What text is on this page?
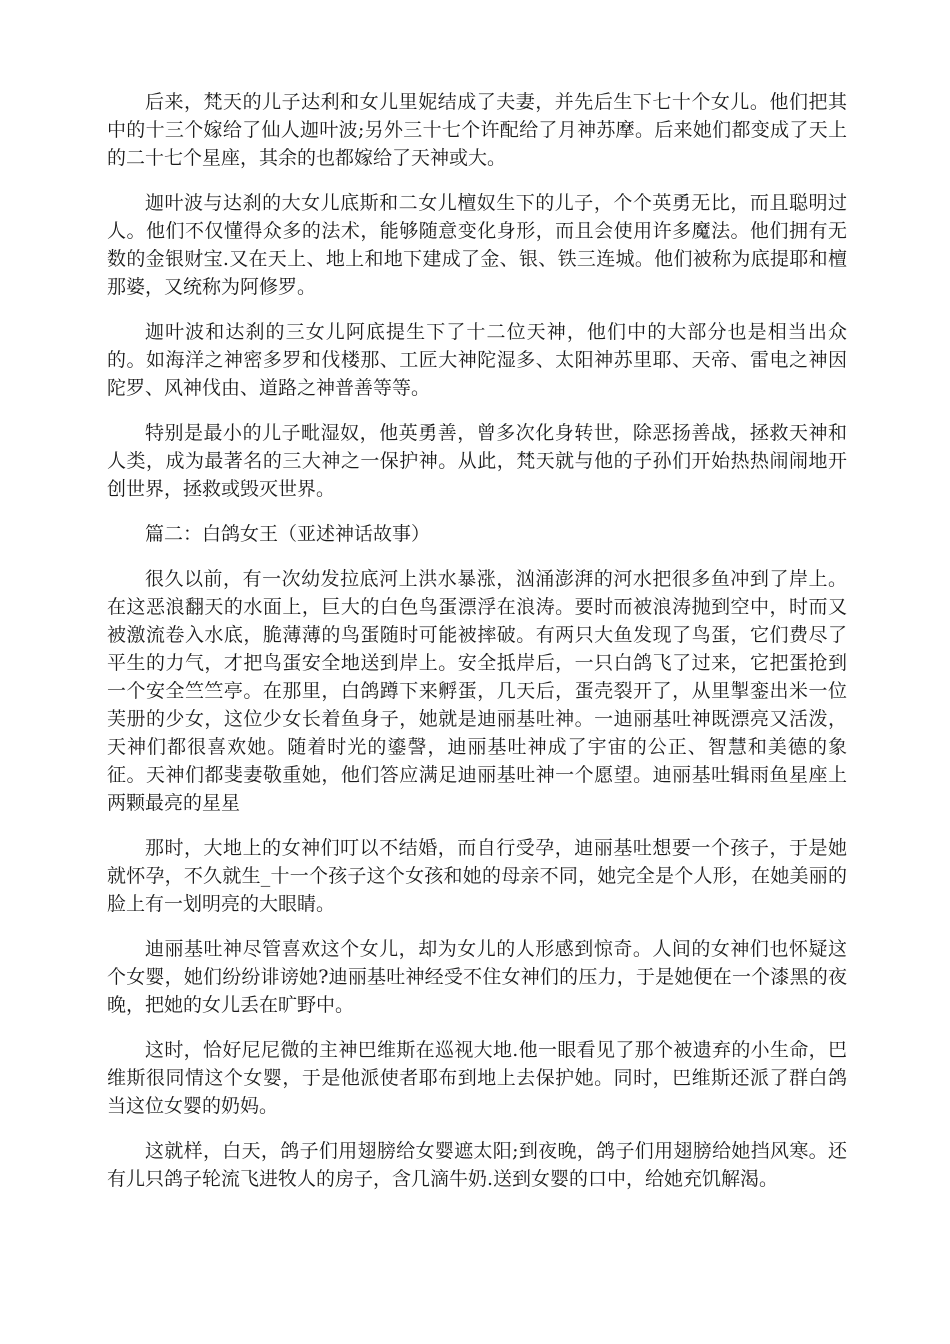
后来，梵天的儿子达利和女儿里妮结成了夫妻，并先后生下七十个女儿。他们把其中的十三个嫁给了仙人迦叶波;另外三十七个许配给了月神苏摩。后来她们都变成了天上的二十七个星座，其余的也都嫁给了天神或大。

迦叶波与达刹的大女儿底斯和二女儿檀奴生下的儿子，个个英勇无比，而且聪明过人。他们不仅懂得众多的法术，能够随意变化身形，而且会使用许多魔法。他们拥有无数的金银财宝.又在天上、地上和地下建成了金、银、铁三连城。他们被称为底提耶和檀那婆，又统称为阿修罗。

迦叶波和达刹的三女儿阿底提生下了十二位天神，他们中的大部分也是相当出众的。如海洋之神密多罗和伐楼那、工匠大神陀湿多、太阳神苏里耶、天帝、雷电之神因陀罗、风神伐由、道路之神普善等等。

特别是最小的儿子毗湿奴，他英勇善，曾多次化身转世，除恶扬善战，拯救天神和人类，成为最著名的三大神之一保护神。从此，梵天就与他的子孙们开始热热闹闹地开创世界，拯救或毁灭世界。

篇二：白鸽女王（亚述神话故事）

很久以前，有一次幼发拉底河上洪水暴涨，汹涌澎湃的河水把很多鱼冲到了岸上。在这恶浪翻天的水面上，巨大的白色鸟蛋漂浮在浪涛。要时而被浪涛抛到空中，时而又被激流卷入水底，脆薄薄的鸟蛋随时可能被摔破。有两只大鱼发现了鸟蛋，它们费尽了平生的力气，才把鸟蛋安全地送到岸上。安全抵岸后，一只白鸽飞了过来，它把蛋抢到一个安全竺竺亭。在那里，白鸽蹲下来孵蛋，几天后，蛋壳裂开了，从里掣銮出米一位芙册的少女，这位少女长着鱼身子，她就是迪丽基吐神。一迪丽基吐神既漂亮又活泼，天神们都很喜欢她。随着时光的鎏謦，迪丽基吐神成了宇宙的公正、智慧和美德的象征。天神们都斐妻敬重她，他们答应满足迪丽基吐神一个愿望。迪丽基吐辑雨鱼星座上两颗最亮的星星

那时，大地上的女神们叮以不结婚，而自行受孕，迪丽基吐想要一个孩子，于是她就怀孕，不久就生_十一个孩子这个女孩和她的母亲不同，她完全是个人形，在她美丽的脸上有一划明亮的大眼睛。

迪丽基吐神尽管喜欢这个女儿，却为女儿的人形感到惊奇。人间的女神们也怀疑这个女婴，她们纷纷诽谤她?迪丽基吐神经受不住女神们的压力，于是她便在一个漆黑的夜晚，把她的女儿丢在旷野中。

这时，恰好尼尼微的主神巴维斯在巡视大地.他一眼看见了那个被遗弃的小生命，巴维斯很同情这个女婴，于是他派使者耶布到地上去保护她。同时，巴维斯还派了群白鸽当这位女婴的奶妈。

这就样，白天，鸽子们用翅膀给女婴遮太阳;到夜晚，鸽子们用翅膀给她挡风寒。还有儿只鸽子轮流飞进牧人的房子，含几滴牛奶.送到女婴的口中，给她充饥解渴。
